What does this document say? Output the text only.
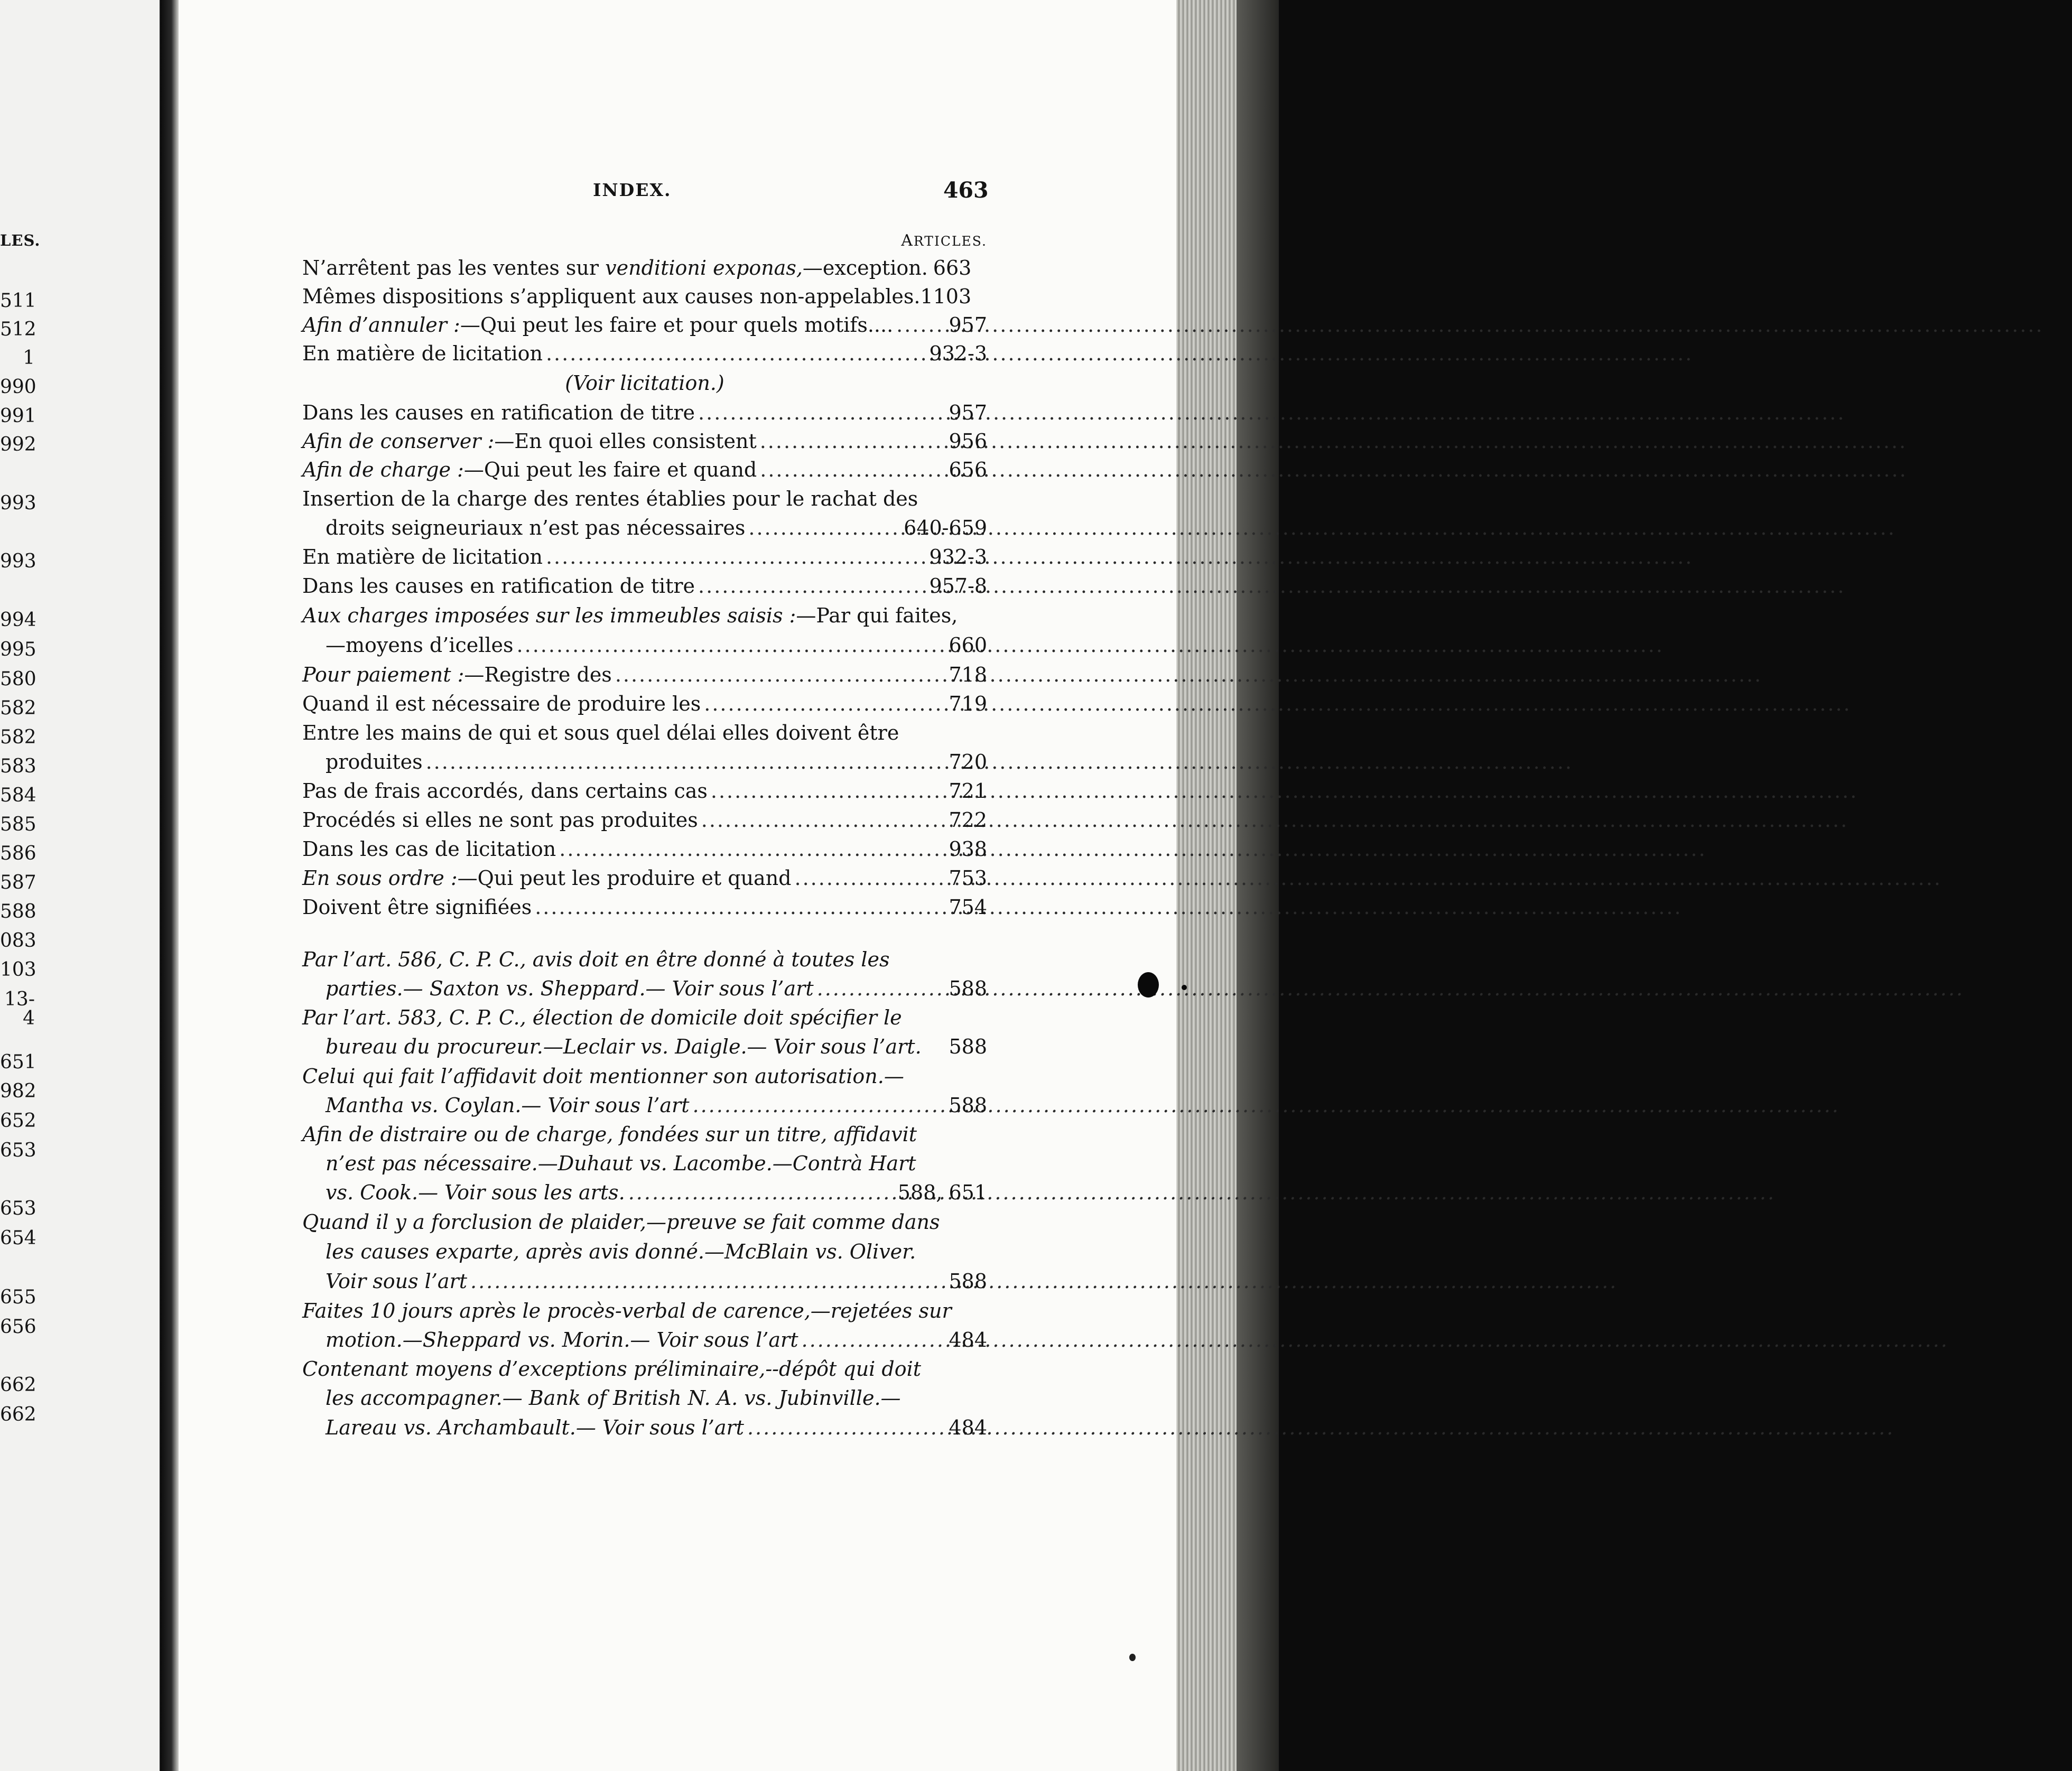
LES.
511
512
1
990
991
992
993
993
994
995
580
582
582
583
584
585
586
587
588
083
103
13-4
651
982
652
653
653
654
655
656
662
662
INDEX.	463
ARTICLES.
N’arrêtent pas les ventes sur venditioni exponas,—exception. 663
Mêmes dispositions s’appliquent aux causes non-appelables. 1103
Afin d’annuler :—Qui peut les faire et pour quels motifs.... .....	957
En matière de licitation .....	932-3
(Voir licitation.)
Dans les causes en ratification de titre .....	957
Afin de conserver :—En quoi elles consistent .....	956
Afin de charge :—Qui peut les faire et quand .....	656
Insertion de la charge des rentes établies pour le rachat des
droits seigneuriaux n’est pas nécessaires .....	640-659
En matière de licitation .....	932-3
Dans les causes en ratification de titre .....	957-8
Aux charges imposées sur les immeubles saisis :—Par qui faites,
—moyens d’icelles .....	660
Pour paiement :—Registre des .....	718
Quand il est nécessaire de produire les .....	719
Entre les mains de qui et sous quel délai elles doivent être
produites .....	720
Pas de frais accordés, dans certains cas .....	721
Procédés si elles ne sont pas produites .....	722
Dans les cas de licitation .....	938
En sous ordre :—Qui peut les produire et quand .....	753
Doivent être signifiées .....	754
Par l’art. 586, C. P. C., avis doit en être donné à toutes les
parties.— Saxton vs. Sheppard.— Voir sous l’art .....	588
Par l’art. 583, C. P. C., élection de domicile doit spécifier le
bureau du procureur.—Leclair vs. Daigle.— Voir sous l’art. 588
Celui qui fait l’affidavit doit mentionner son autorisation.—
Mantha vs. Coylan.— Voir sous l’art .....	588
Afin de distraire ou de charge, fondées sur un titre, affidavit
n’est pas nécessaire.—Duhaut vs. Lacombe.—Contrà Hart
vs. Cook.— Voir sous les arts. .....	588, 651
Quand il y a forclusion de plaider,—preuve se fait comme dans
les causes exparte, après avis donné.—McBlain vs. Oliver.
Voir sous l’art .....	588
Faites 10 jours après le procès-verbal de carence,—rejetées sur
motion.—Sheppard vs. Morin.— Voir sous l’art .....	484
Contenant moyens d’exceptions préliminaire,--dépôt qui doit
les accompagner.— Bank of British N. A. vs. Jubinville.—
Lareau vs. Archambault.— Voir sous l’art .....	484
